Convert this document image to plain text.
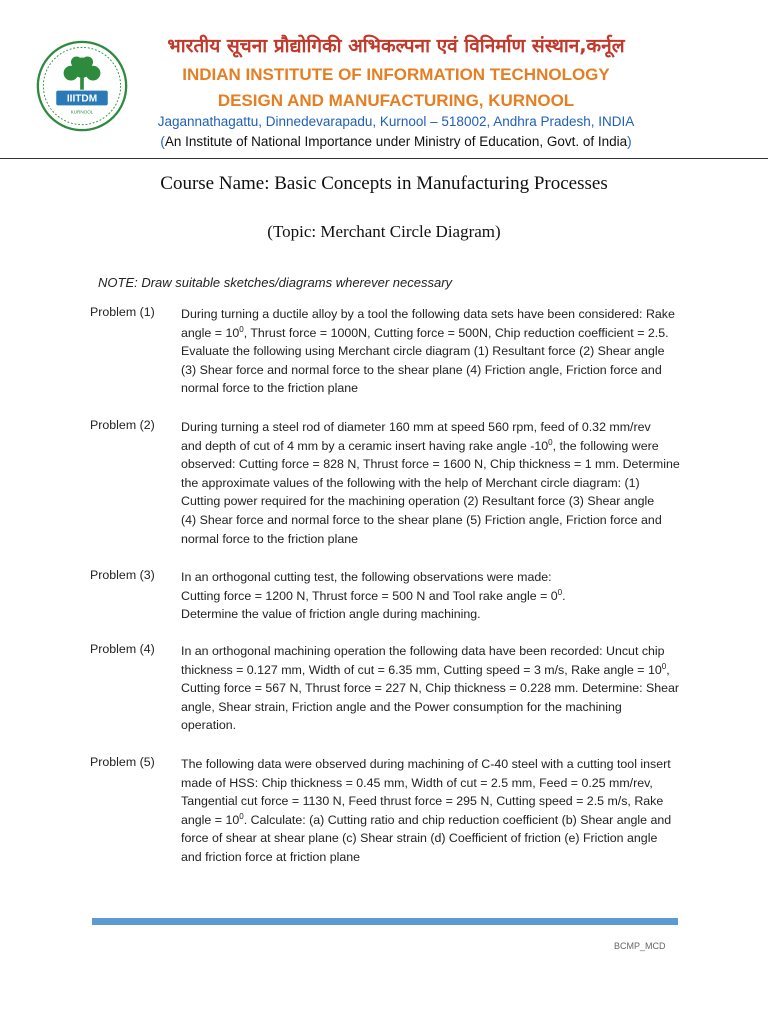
IIITDM
KURNOOL
भारतीय सूचना प्रौद्योगिकी अभिकल्पना एवं विनिर्माण संस्थान,कर्नूल
INDIAN INSTITUTE OF INFORMATION TECHNOLOGY
DESIGN AND MANUFACTURING, KURNOOL
Jagannathagattu, Dinnedevarapadu, Kurnool – 518002, Andhra Pradesh, INDIA
(An Institute of National Importance under Ministry of Education, Govt. of India)
Course Name: Basic Concepts in Manufacturing Processes
(Topic: Merchant Circle Diagram)
NOTE: Draw suitable sketches/diagrams wherever necessary
Problem (1) During turning a ductile alloy by a tool the following data sets have been considered: Rake
angle = $10^0$, Thrust force = 1000N, Cutting force = 500N, Chip reduction coefficient = 2.5.
Evaluate the following using Merchant circle diagram (1) Resultant force (2) Shear angle
(3) Shear force and normal force to the shear plane (4) Friction angle, Friction force and
normal force to the friction plane
Problem (2) During turning a steel rod of diameter 160 mm at speed 560 rpm, feed of 0.32 mm/rev
and depth of cut of 4 mm by a ceramic insert having rake angle $-10^0$, the following were
observed: Cutting force = 828 N, Thrust force = 1600 N, Chip thickness = 1 mm. Determine
the approximate values of the following with the help of Merchant circle diagram: (1)
Cutting power required for the machining operation (2) Resultant force (3) Shear angle
(4) Shear force and normal force to the shear plane (5) Friction angle, Friction force and
normal force to the friction plane
Problem (3) In an orthogonal cutting test, the following observations were made:
Cutting force = 1200 N, Thrust force = 500 N and Tool rake angle = $0^0$.
Determine the value of friction angle during machining.
Problem (4) In an orthogonal machining operation the following data have been recorded: Uncut chip
thickness = 0.127 mm, Width of cut = 6.35 mm, Cutting speed = 3 m/s, Rake angle = $10^0$,
Cutting force = 567 N, Thrust force = 227 N, Chip thickness = 0.228 mm. Determine: Shear
angle, Shear strain, Friction angle and the Power consumption for the machining
operation.
Problem (5) The following data were observed during machining of C-40 steel with a cutting tool insert
made of HSS: Chip thickness = 0.45 mm, Width of cut = 2.5 mm, Feed = 0.25 mm/rev,
Tangential cut force = 1130 N, Feed thrust force = 295 N, Cutting speed = 2.5 m/s, Rake
angle = $10^0$. Calculate: (a) Cutting ratio and chip reduction coefficient (b) Shear angle and
force of shear at shear plane (c) Shear strain (d) Coefficient of friction (e) Friction angle
and friction force at friction plane
BCMP_MCD
